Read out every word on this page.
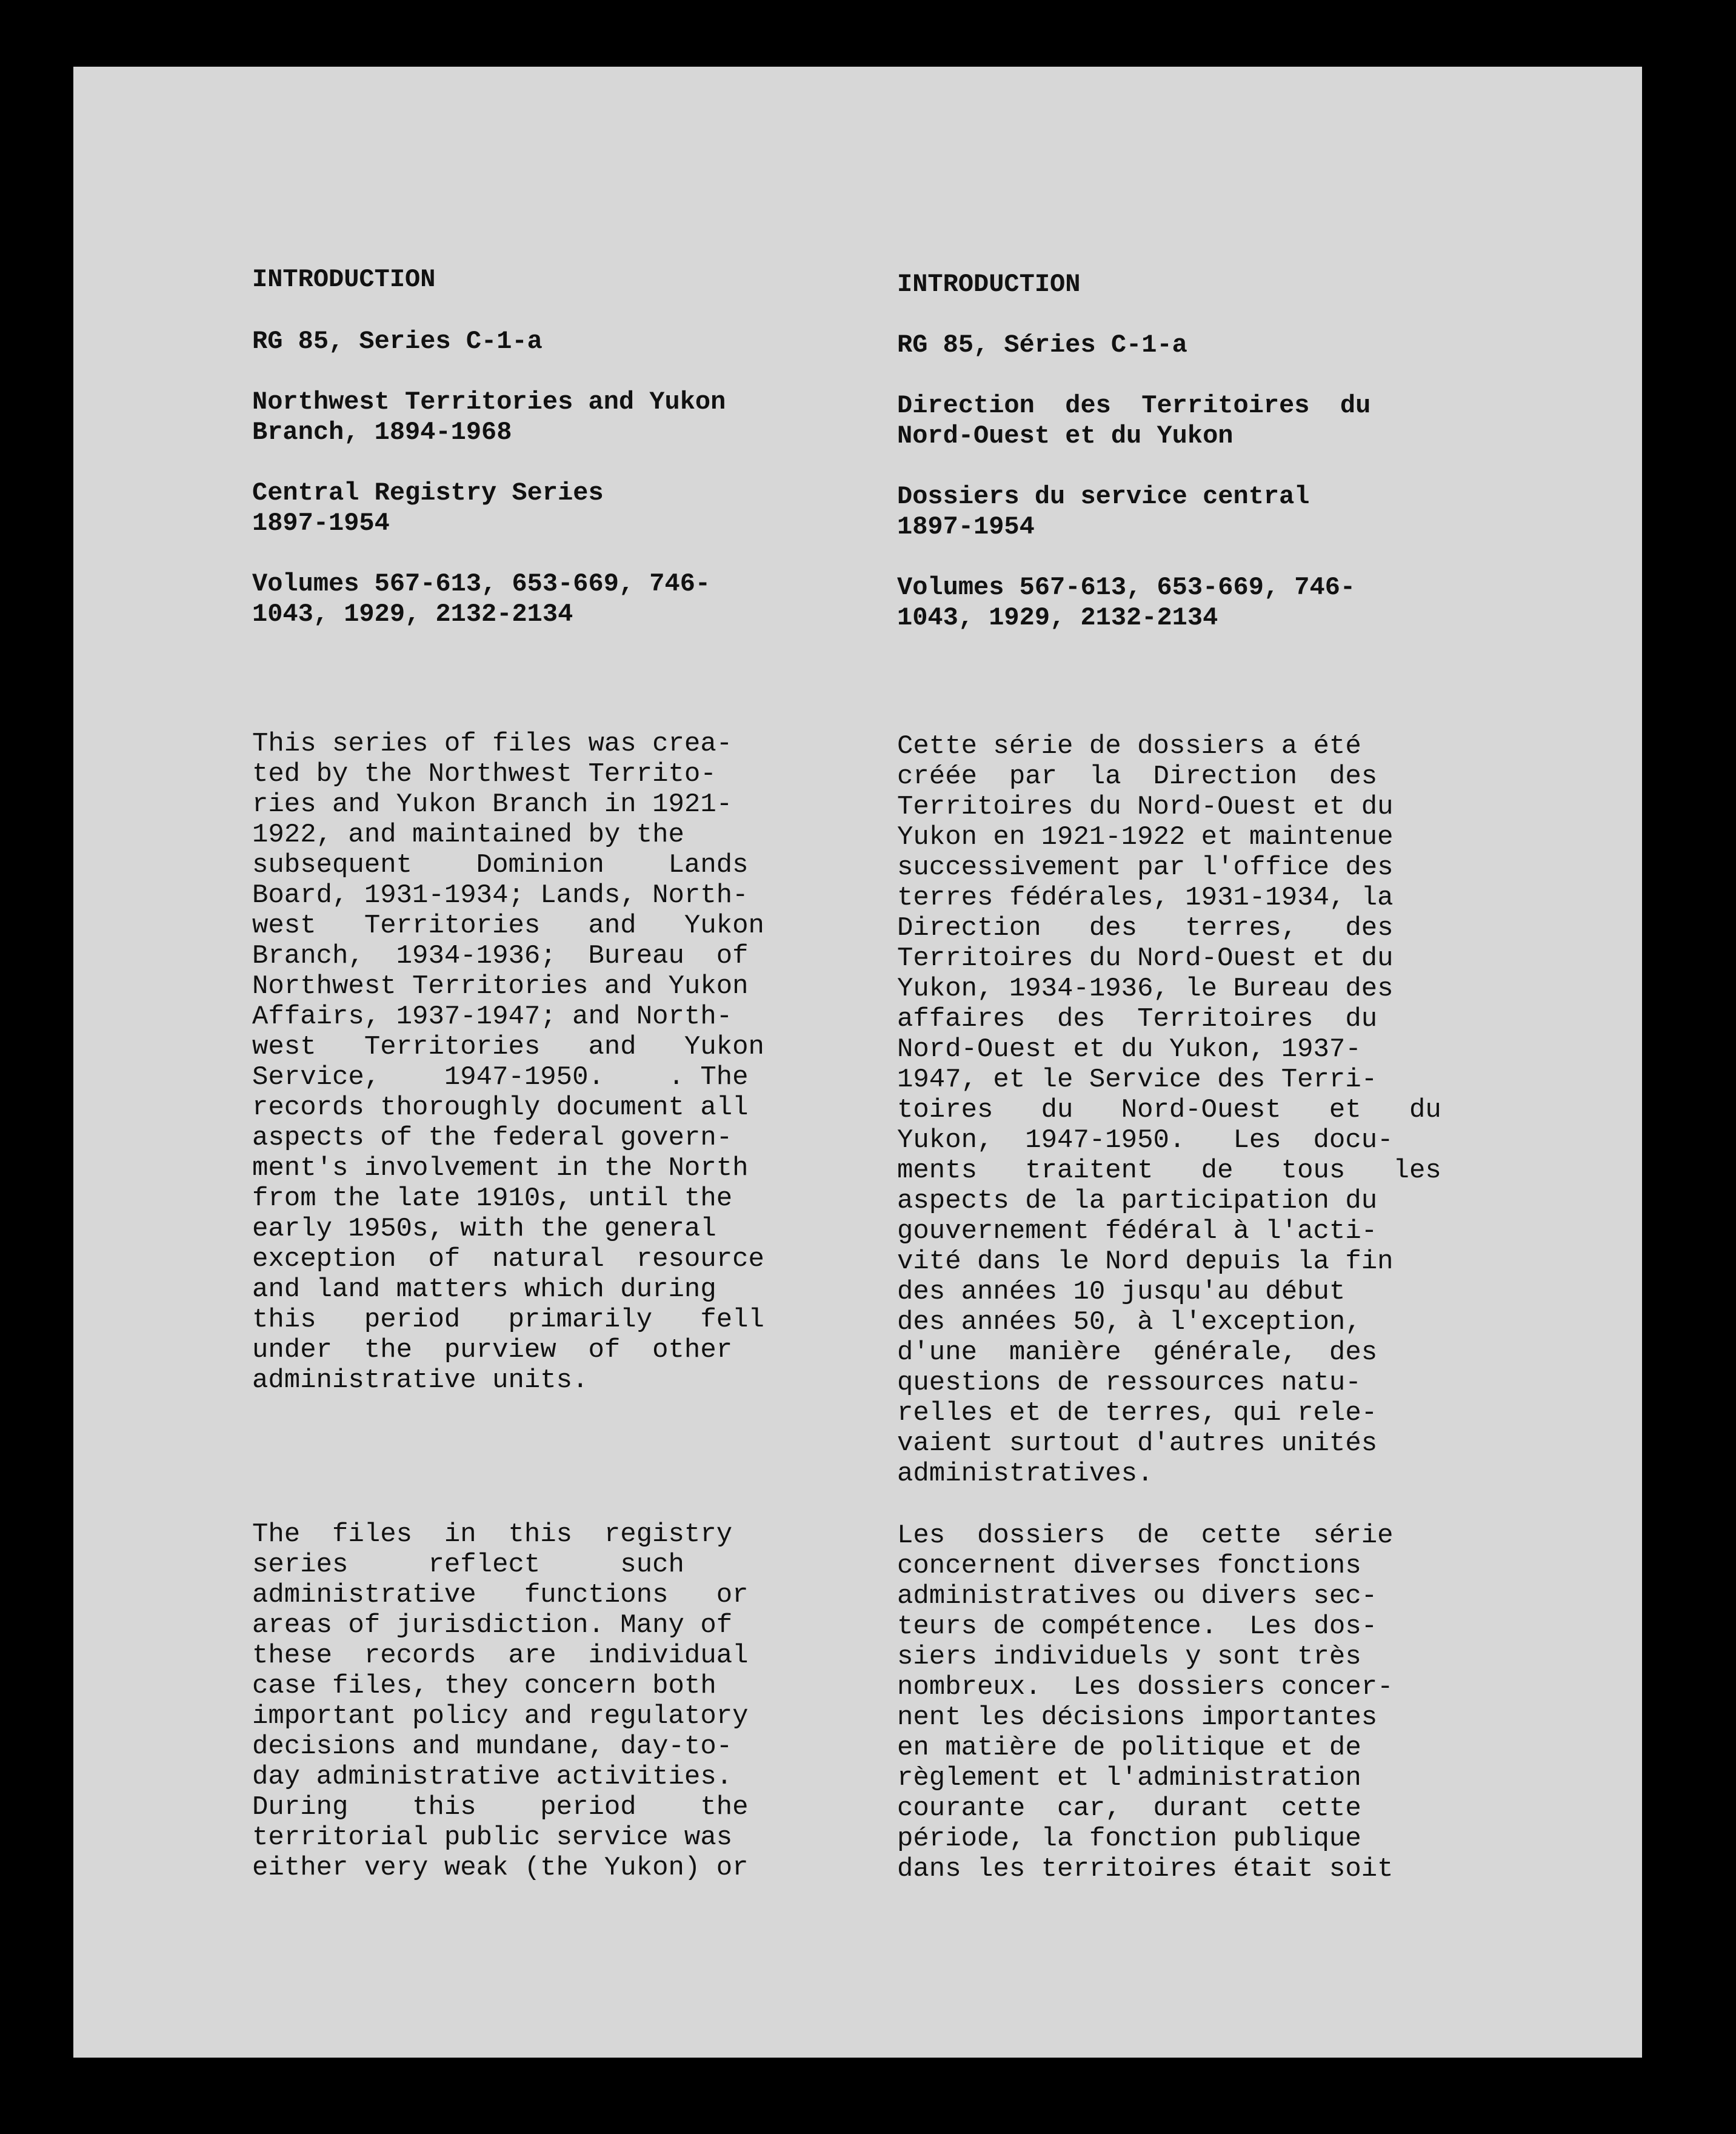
INTRODUCTION
RG 85, Series C-1-a
Northwest Territories and Yukon
Branch, 1894-1968
Central Registry Series
1897-1954
Volumes 567-613, 653-669, 746-
1043, 1929, 2132-2134
This series of files was crea-
ted by the Northwest Territo-
ries and Yukon Branch in 1921-
1922, and maintained by the
subsequent    Dominion    Lands
Board, 1931-1934; Lands, North-
west   Territories   and   Yukon
Branch,  1934-1936;  Bureau  of
Northwest Territories and Yukon
Affairs, 1937-1947; and North-
west   Territories   and   Yukon
Service,    1947-1950.    . The
records thoroughly document all
aspects of the federal govern-
ment's involvement in the North
from the late 1910s, until the
early 1950s, with the general
exception  of  natural  resource
and land matters which during
this   period   primarily   fell
under  the  purview  of  other
administrative units.
The  files  in  this  registry
series     reflect     such
administrative   functions   or
areas of jurisdiction. Many of
these  records  are  individual
case files, they concern both
important policy and regulatory
decisions and mundane, day-to-
day administrative activities.
During    this    period    the
territorial public service was
either very weak (the Yukon) or
INTRODUCTION
RG 85, Séries C-1-a
Direction  des  Territoires  du
Nord-Ouest et du Yukon
Dossiers du service central
1897-1954
Volumes 567-613, 653-669, 746-
1043, 1929, 2132-2134
Cette série de dossiers a été
créée  par  la  Direction  des
Territoires du Nord-Ouest et du
Yukon en 1921-1922 et maintenue
successivement par l'office des
terres fédérales, 1931-1934, la
Direction   des   terres,   des
Territoires du Nord-Ouest et du
Yukon, 1934-1936, le Bureau des
affaires  des  Territoires  du
Nord-Ouest et du Yukon, 1937-
1947, et le Service des Terri-
toires   du   Nord-Ouest   et   du
Yukon,  1947-1950.   Les  docu-
ments   traitent   de   tous   les
aspects de la participation du
gouvernement fédéral à l'acti-
vité dans le Nord depuis la fin
des années 10 jusqu'au début
des années 50, à l'exception,
d'une  manière  générale,  des
questions de ressources natu-
relles et de terres, qui rele-
vaient surtout d'autres unités
administratives.
Les  dossiers  de  cette  série
concernent diverses fonctions
administratives ou divers sec-
teurs de compétence.  Les dos-
siers individuels y sont très
nombreux.  Les dossiers concer-
nent les décisions importantes
en matière de politique et de
règlement et l'administration
courante  car,  durant  cette
période, la fonction publique
dans les territoires était soit
